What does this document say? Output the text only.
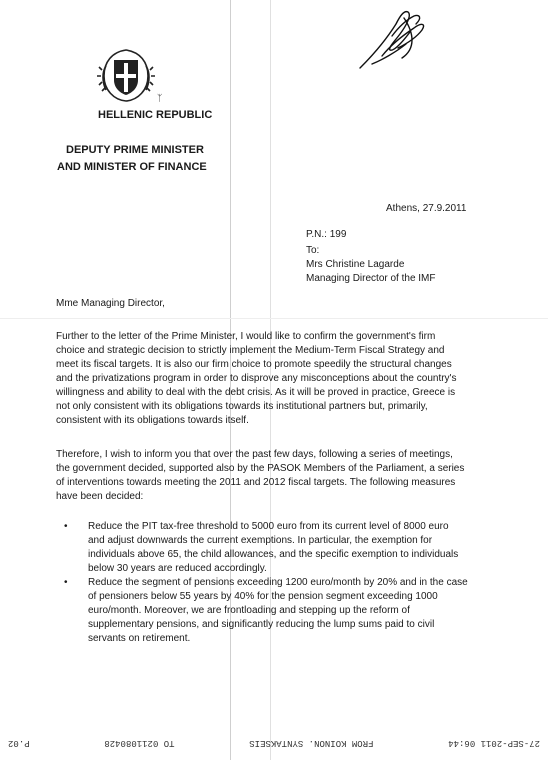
ᛉ
HELLENIC REPUBLIC
DEPUTY PRIME MINISTER
AND MINISTER OF FINANCE
Athens, 27.9.2011
P.N.: 199
To:
Mrs Christine Lagarde
Managing Director of the IMF
Mme Managing Director,
Further to the letter of the Prime Minister, I would like to confirm the government's firm
choice and strategic decision to strictly implement the Medium-Term Fiscal Strategy and
meet its fiscal targets. It is also our firm choice to promote speedily the structural changes
and the privatizations program in order to disprove any misconceptions about the country's
willingness and ability to deal with the debt crisis. As it will be proved in practice, Greece is
not only consistent with its obligations towards its institutional partners but, primarily,
consistent with its obligations towards itself.
Therefore, I wish to inform you that over the past few days, following a series of meetings,
the government decided, supported also by the PASOK Members of the Parliament, a series
of interventions towards meeting the 2011 and 2012 fiscal targets. The following measures
have been decided:
• Reduce the PIT tax-free threshold to 5000 euro from its current level of 8000 euro
and adjust downwards the current exemptions. In particular, the exemption for
individuals above 65, the child allowances, and the specific exemption to individuals
below 30 years are reduced accordingly.
• Reduce the segment of pensions exceeding 1200 euro/month by 20% and in the case
of pensioners below 55 years by 40% for the pension segment exceeding 1000
euro/month. Moreover, we are frontloading and stepping up the reform of
supplementary pensions, and significantly reducing the lump sums paid to civil
servants on retirement.
27-SEP-2011 06:44
FROM KOINON. SYNTAKSEIS
TO 0211080428
P.02
